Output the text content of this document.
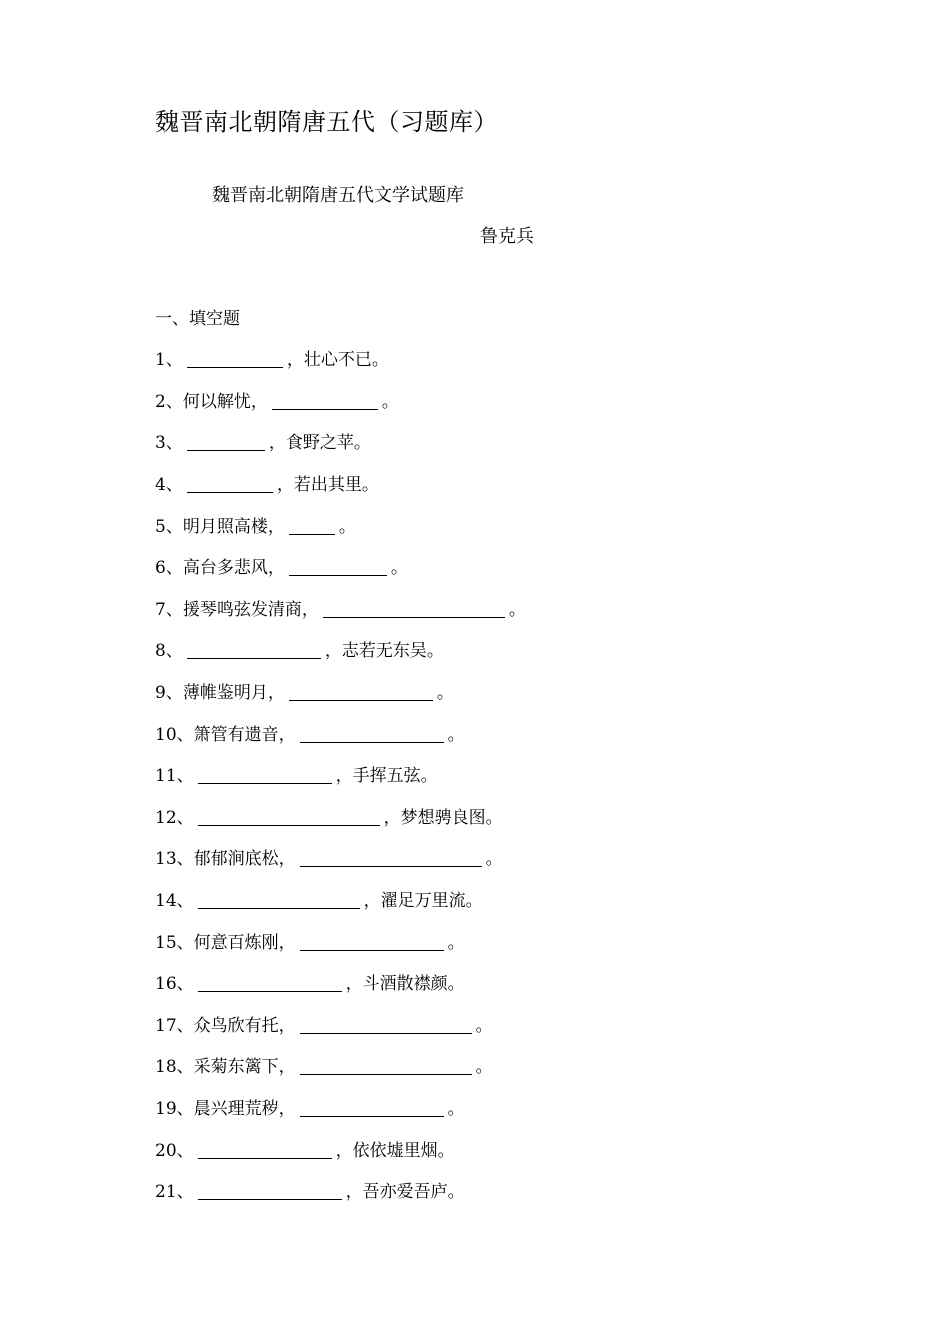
魏晋南北朝隋唐五代（习题库）
魏晋南北朝隋唐五代文学试题库
鲁克兵
一、填空题
1、	，壮心不已。
2、 何以解忧，	。
3、	，食野之苹。
4、	，若出其里。
5、 明月照高楼，	。
6、 高台多悲风，	。
7、 援琴鸣弦发清商，	。
8、	，志若无东吴。
9、 薄帷鉴明月，	。
10、 箫管有遗音，	。
11、	，手挥五弦。
12、	，梦想骋良图。
13、 郁郁涧底松，	。
14、	，濯足万里流。
15、 何意百炼刚，	。
16、	，斗酒散襟颜。
17、 众鸟欣有托，	。
18、 采菊东篱下，	。
19、 晨兴理荒秽，	。
20、	，依依墟里烟。
21、	，吾亦爱吾庐。
